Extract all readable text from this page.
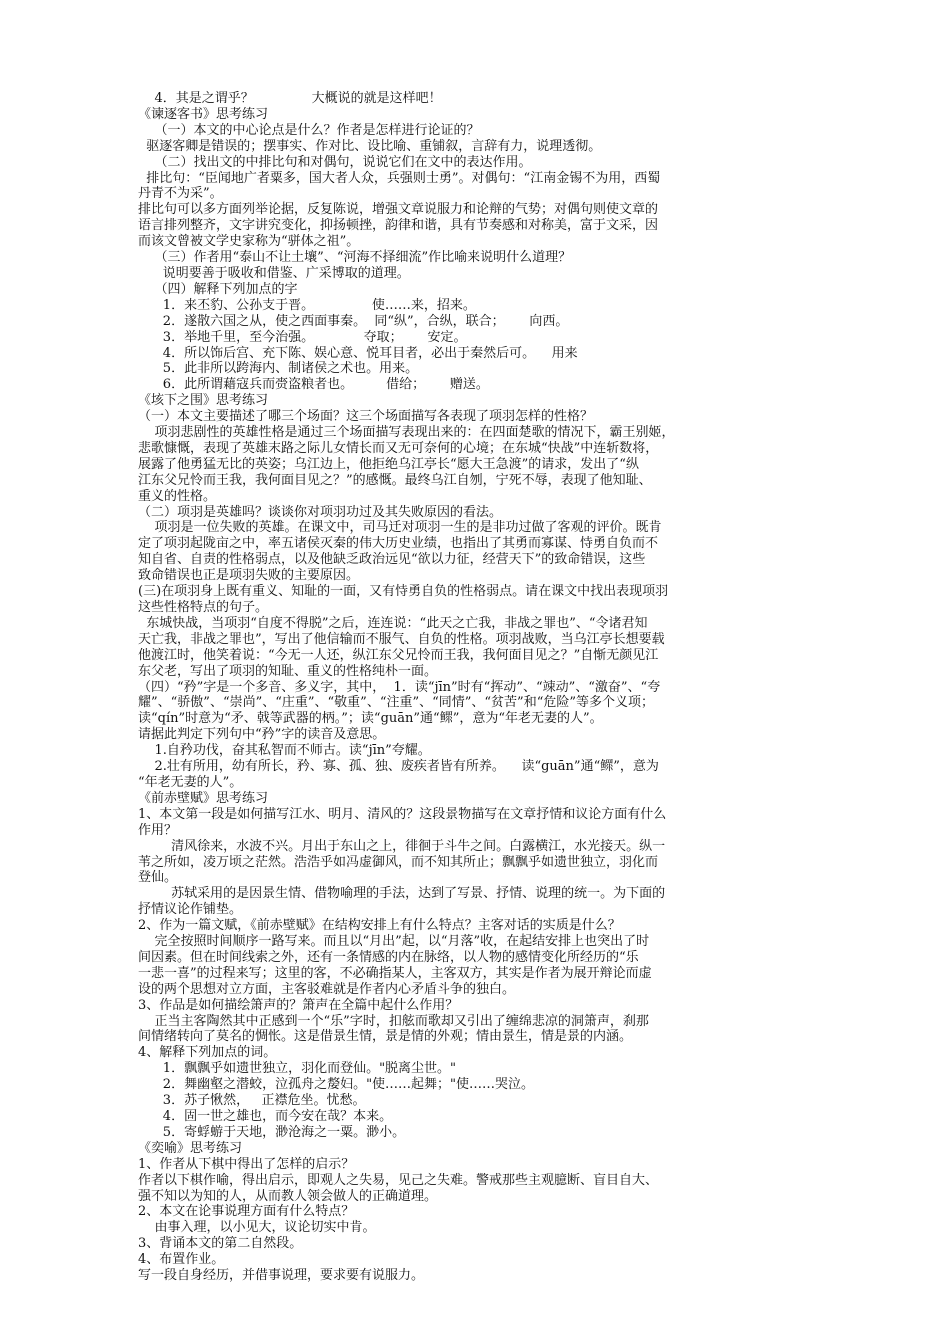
4．其是之谓乎？              大概说的就是这样吧！
《谏逐客书》思考练习
（一）本文的中心论点是什么？作者是怎样进行论证的？
驱逐客卿是错误的；摆事实、作对比、设比喻、重铺叙，言辞有力，说理透彻。
（二）找出文的中排比句和对偶句，说说它们在文中的表达作用。
排比句：“臣闻地广者粟多，国大者人众，兵强则士勇”。对偶句：“江南金锡不为用，西蜀
丹青不为采”。
排比句可以多方面列举论据，反复陈说，增强文章说服力和论辩的气势；对偶句则使文章的
语言排列整齐，文字讲究变化，抑扬顿挫，韵律和谐，具有节奏感和对称美，富于文采，因
而该文曾被文学史家称为“骈体之祖”。
（三）作者用“泰山不让土壤”、“河海不择细流”作比喻来说明什么道理？
说明要善于吸收和借鉴、广采博取的道理。
（四）解释下列加点的字
1．来丕豹、公孙支于晋。              使……来，招来。
2．遂散六国之从，使之西面事秦。  同“纵”，合纵，联合；      向西。
3．举地千里，至今治强。            夺取；      安定。
4．所以饰后宫、充下陈、娱心意、悦耳目者，必出于秦然后可。    用来
5．此非所以跨海内、制诸侯之术也。用来。
6．此所谓藉寇兵而赍盗粮者也。        借给；      赠送。
《垓下之围》思考练习
（一）本文主要描述了哪三个场面？这三个场面描写各表现了项羽怎样的性格？
项羽悲剧性的英雄性格是通过三个场面描写表现出来的：在四面楚歌的情况下，霸王别姬，
悲歌慷慨，表现了英雄末路之际儿女情长而又无可奈何的心境；在东城“快战”中连斩数将，
展露了他勇猛无比的英姿；乌江边上，他拒绝乌江亭长“愿大王急渡”的请求，发出了“纵
江东父兄怜而王我，我何面目见之？”的感慨。最终乌江自刎，宁死不辱，表现了他知耻、
重义的性格。
（二）项羽是英雄吗？谈谈你对项羽功过及其失败原因的看法。
项羽是一位失败的英雄。在课文中，司马迁对项羽一生的是非功过做了客观的评价。既肯
定了项羽起陇亩之中，率五诸侯灭秦的伟大历史业绩，也指出了其勇而寡谋、恃勇自负而不
知自省、自责的性格弱点，以及他缺乏政治远见“欲以力征，经营天下”的致命错误，这些
致命错误也正是项羽失败的主要原因。
(三)在项羽身上既有重义、知耻的一面，又有恃勇自负的性格弱点。请在课文中找出表现项羽
这些性格特点的句子。
东城快战，当项羽“自度不得脱”之后，连连说：“此天之亡我，非战之罪也”、“令诸君知
天亡我，非战之罪也”，写出了他信输而不服气、自负的性格。项羽战败，当乌江亭长想要载
他渡江时，他笑着说：“今无一人还，纵江东父兄怜而王我，我何面目见之？”自惭无颜见江
东父老，写出了项羽的知耻、重义的性格纯朴一面。
（四）“矜”字是一个多音、多义字，其中，  1．读“jīn”时有“挥动”、“竦动”、“激奋”、“夸
耀”、“骄傲”、“崇尚”、“庄重”、“敬重”、“注重”、“同情”、“贫苦”和“危险”等多个义项；
读“qín”时意为“矛、戟等武器的柄。”；读“guān”通“鳏”，意为“年老无妻的人”。
请据此判定下列句中“矜”字的读音及意思。
1.自矜功伐，奋其私智而不师古。读“jīn”夸耀。
2.壮有所用，幼有所长，矜、寡、孤、独、废疾者皆有所养。    读“guān”通“鳏”，意为
“年老无妻的人”。
《前赤壁赋》思考练习
1、本文第一段是如何描写江水、明月、清风的？这段景物描写在文章抒情和议论方面有什么
作用？
清风徐来，水波不兴。月出于东山之上，徘徊于斗牛之间。白露横江，水光接天。纵一
苇之所如，凌万顷之茫然。浩浩乎如冯虚御风，而不知其所止；飘飘乎如遗世独立，羽化而
登仙。
苏轼采用的是因景生情、借物喻理的手法，达到了写景、抒情、说理的统一。为下面的
抒情议论作铺垫。
2、作为一篇文赋，《前赤壁赋》在结构安排上有什么特点？主客对话的实质是什么？
完全按照时间顺序一路写来。而且以“月出”起，以“月落”收，在起结安排上也突出了时
间因素。但在时间线索之外，还有一条情感的内在脉络，以人物的感情变化所经历的“乐
一悲一喜”的过程来写；这里的客，不必确指某人，主客双方，其实是作者为展开辩论而虚
设的两个思想对立方面，主客驳难就是作者内心矛盾斗争的独白。
3、作品是如何描绘箫声的？箫声在全篇中起什么作用？
正当主客陶然其中正感到一个“乐”字时，扣舷而歌却又引出了缠绵悲凉的洞箫声，刹那
间情绪转向了莫名的惆怅。这是借景生情，景是情的外观；情由景生，情是景的内涵。
4、解释下列加点的词。
1．飘飘乎如遗世独立，羽化而登仙。"脱离尘世。"
2．舞幽壑之潜蛟，泣孤舟之嫠妇。"使……起舞；"使……哭泣。
3．苏子愀然，   正襟危坐。忧愁。
4．固一世之雄也，而今安在哉？本来。
5．寄蜉蝣于天地，渺沧海之一粟。渺小。
《奕喻》思考练习
1、作者从下棋中得出了怎样的启示？
作者以下棋作喻，得出启示，即观人之失易，见己之失难。警戒那些主观臆断、盲目自大、
强不知以为知的人，从而教人领会做人的正确道理。
2、本文在论事说理方面有什么特点？
由事入理，以小见大，议论切实中肯。
3、背诵本文的第二自然段。
4、布置作业。
写一段自身经历，并借事说理，要求要有说服力。
